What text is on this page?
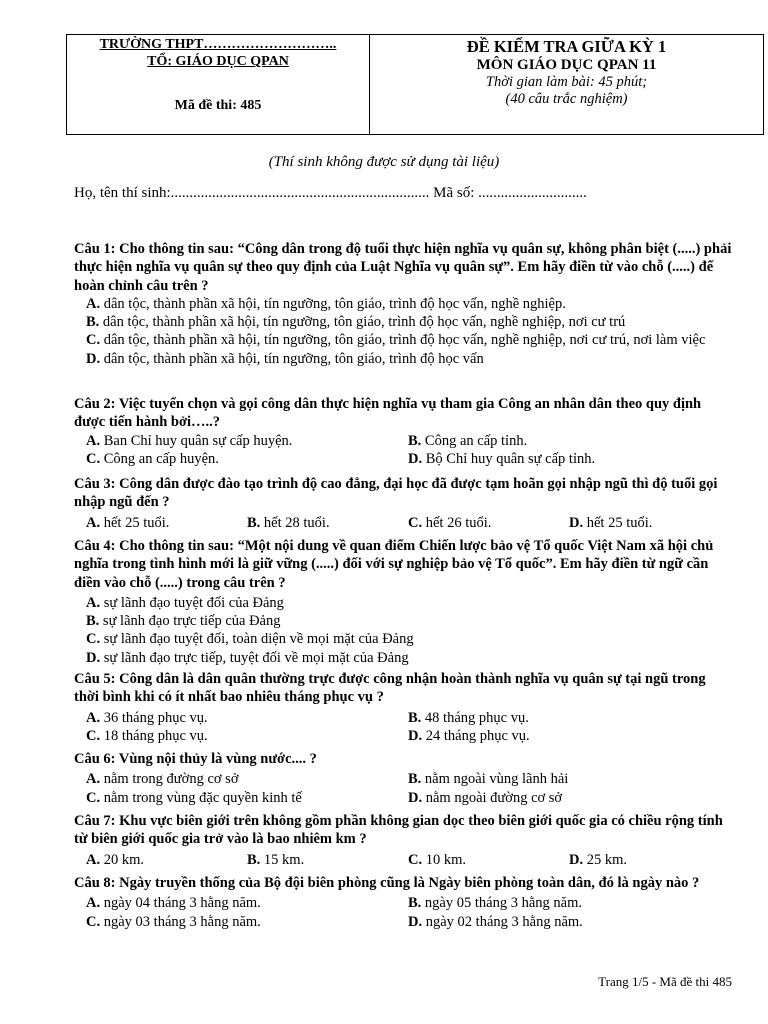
TRƯỜNG THPT………………………..
TỔ: GIÁO DỤC QPAN
Mã đề thi: 485

ĐỀ KIỂM TRA GIỮA KỲ 1
MÔN GIÁO DỤC QPAN 11
Thời gian làm bài: 45 phút;
(40 câu trắc nghiệm)
(Thí sinh không được sử dụng tài liệu)
Họ, tên thí sinh:..................................................................... Mã số: .............................
Câu 1: Cho thông tin sau: “Công dân trong độ tuổi thực hiện nghĩa vụ quân sự, không phân biệt (.....) phải thực hiện nghĩa vụ quân sự theo quy định của Luật Nghĩa vụ quân sự”. Em hãy điền từ vào chỗ (.....) để hoàn chỉnh câu trên ?
A. dân tộc, thành phần xã hội, tín ngưỡng, tôn giáo, trình độ học vấn, nghề nghiệp.
B. dân tộc, thành phần xã hội, tín ngưỡng, tôn giáo, trình độ học vấn, nghề nghiệp, nơi cư trú
C. dân tộc, thành phần xã hội, tín ngưỡng, tôn giáo, trình độ học vấn, nghề nghiệp, nơi cư trú, nơi làm việc
D. dân tộc, thành phần xã hội, tín ngưỡng, tôn giáo, trình độ học vấn
Câu 2: Việc tuyển chọn và gọi công dân thực hiện nghĩa vụ tham gia Công an nhân dân theo quy định được tiến hành bởi…..?
A. Ban Chỉ huy quân sự cấp huyện.	B. Công an cấp tỉnh.
C. Công an cấp huyện.	D. Bộ Chỉ huy quân sự cấp tỉnh.
Câu 3: Công dân được đào tạo trình độ cao đẳng, đại học đã được tạm hoãn gọi nhập ngũ thì độ tuổi gọi nhập ngũ đến ?
A. hết 25 tuổi.	B. hết 28 tuổi.	C. hết 26 tuổi.	D. hết 25 tuổi.
Câu 4: Cho thông tin sau: “Một nội dung về quan điểm Chiến lược bảo vệ Tổ quốc Việt Nam xã hội chủ nghĩa trong tình hình mới là giữ vững (.....) đối với sự nghiệp bảo vệ Tổ quốc”. Em hãy điền từ ngữ cần điền vào chỗ (.....) trong câu trên ?
A. sự lãnh đạo tuyệt đối của Đảng
B. sự lãnh đạo trực tiếp của Đảng
C. sự lãnh đạo tuyệt đối, toàn diện về mọi mặt của Đảng
D. sự lãnh đạo trực tiếp, tuyệt đối về mọi mặt của Đảng
Câu 5: Công dân là dân quân thường trực được công nhận hoàn thành nghĩa vụ quân sự tại ngũ trong thời bình khi có ít nhất bao nhiêu tháng phục vụ ?
A. 36 tháng phục vụ.	B. 48 tháng phục vụ.
C. 18 tháng phục vụ.	D. 24 tháng phục vụ.
Câu 6: Vùng nội thủy là vùng nước.... ?
A. nằm trong đường cơ sở	B. nằm ngoài vùng lãnh hải
C. nằm trong vùng đặc quyền kinh tế	D. nằm ngoài đường cơ sở
Câu 7: Khu vực biên giới trên không gồm phần không gian dọc theo biên giới quốc gia có chiều rộng tính từ biên giới quốc gia trở vào là bao nhiêm km ?
A. 20 km.	B. 15 km.	C. 10 km.	D. 25 km.
Câu 8: Ngày truyền thống của Bộ đội biên phòng cũng là Ngày biên phòng toàn dân, đó là ngày nào ?
A. ngày 04 tháng 3 hằng năm.	B. ngày 05 tháng 3 hằng năm.
C. ngày 03 tháng 3 hằng năm.	D. ngày 02 tháng 3 hằng năm.
Trang 1/5 - Mã đề thi 485
